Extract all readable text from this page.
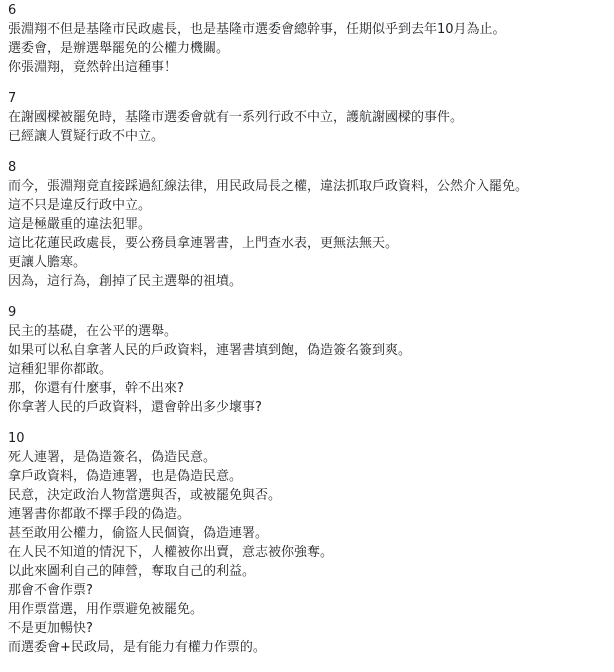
6
張淵翔不但是基隆市民政處長，也是基隆市選委會總幹事，任期似乎到去年10月為止。
選委會，是辦選舉罷免的公權力機關。
你張淵翔，竟然幹出這種事！
7
在謝國樑被罷免時，基隆市選委會就有一系列行政不中立，護航謝國樑的事件。
已經讓人質疑行政不中立。
8
而今，張淵翔竟直接踩過紅線法律，用民政局長之權，違法抓取戶政資料，公然介入罷免。
這不只是違反行政中立。
這是極嚴重的違法犯罪。
這比花蓮民政處長，要公務員拿連署書，上門查水表，更無法無天。
更讓人膽寒。
因為，這行為，創掉了民主選舉的祖墳。
9
民主的基礎，在公平的選舉。
如果可以私自拿著人民的戶政資料，連署書填到飽，偽造簽名簽到爽。
這種犯罪你都敢。
那，你還有什麼事，幹不出來?
你拿著人民的戶政資料，還會幹出多少壞事?
10
死人連署，是偽造簽名，偽造民意。
拿戶政資料，偽造連署，也是偽造民意。
民意，決定政治人物當選與否，或被罷免與否。
連署書你都敢不擇手段的偽造。
甚至敢用公權力，偷盜人民個資，偽造連署。
在人民不知道的情況下，人權被你出賣，意志被你強奪。
以此來圖利自己的陣營，奪取自己的利益。
那會不會作票?
用作票當選，用作票避免被罷免。
不是更加暢快?
而選委會+民政局，是有能力有權力作票的。
